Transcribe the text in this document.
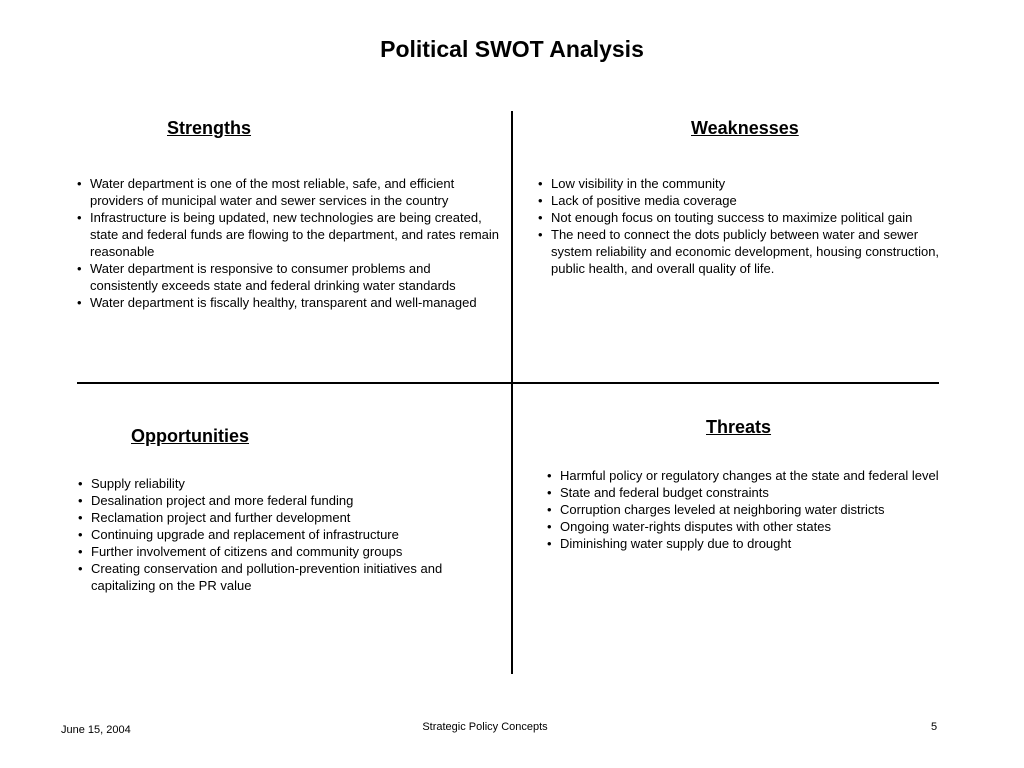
Political SWOT Analysis
Strengths
• Water department is one of the most reliable, safe, and efficient providers of municipal water and sewer services in the country
• Infrastructure is being updated, new technologies are being created, state and federal funds are flowing to the department, and rates remain reasonable
• Water department is responsive to consumer problems and consistently exceeds state and federal drinking water standards
• Water department is fiscally healthy, transparent and well-managed
Weaknesses
• Low visibility in the community
• Lack of positive media coverage
• Not enough focus on touting success to maximize political gain
• The need to connect the dots publicly between water and sewer system reliability and economic development, housing construction, public health, and overall quality of life.
Opportunities
• Supply reliability
• Desalination project and more federal funding
• Reclamation project and further development
• Continuing upgrade and replacement of infrastructure
• Further involvement of citizens and community groups
• Creating conservation and pollution-prevention initiatives and capitalizing on the PR value
Threats
• Harmful policy or regulatory changes at the state and federal level
• State and federal budget constraints
• Corruption charges leveled at neighboring water districts
• Ongoing water-rights disputes with other states
• Diminishing water supply due to drought
June 15, 2004	Strategic Policy Concepts	5
